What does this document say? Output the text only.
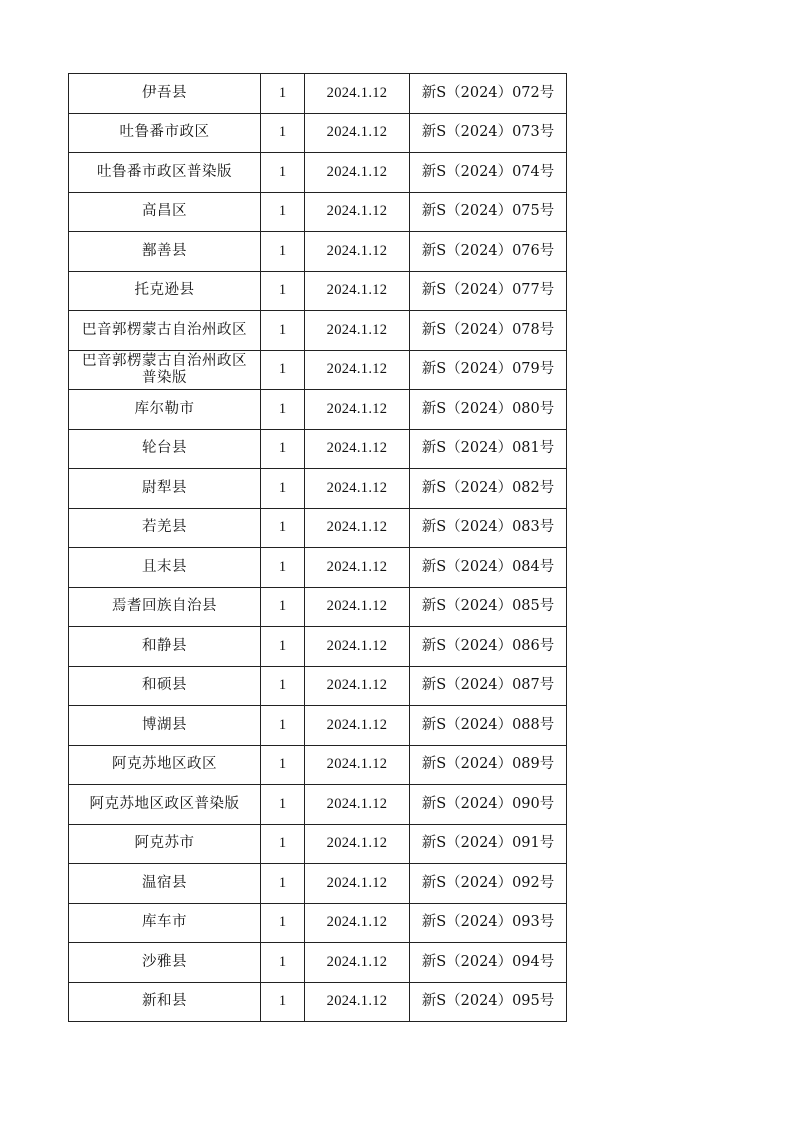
伊吾县	1	2024.1.12	新S（2024）072号
吐鲁番市政区	1	2024.1.12	新S（2024）073号
吐鲁番市政区普染版	1	2024.1.12	新S（2024）074号
高昌区	1	2024.1.12	新S（2024）075号
鄯善县	1	2024.1.12	新S（2024）076号
托克逊县	1	2024.1.12	新S（2024）077号
巴音郭楞蒙古自治州政区	1	2024.1.12	新S（2024）078号
巴音郭楞蒙古自治州政区普染版	1	2024.1.12	新S（2024）079号
库尔勒市	1	2024.1.12	新S（2024）080号
轮台县	1	2024.1.12	新S（2024）081号
尉犁县	1	2024.1.12	新S（2024）082号
若羌县	1	2024.1.12	新S（2024）083号
且末县	1	2024.1.12	新S（2024）084号
焉耆回族自治县	1	2024.1.12	新S（2024）085号
和静县	1	2024.1.12	新S（2024）086号
和硕县	1	2024.1.12	新S（2024）087号
博湖县	1	2024.1.12	新S（2024）088号
阿克苏地区政区	1	2024.1.12	新S（2024）089号
阿克苏地区政区普染版	1	2024.1.12	新S（2024）090号
阿克苏市	1	2024.1.12	新S（2024）091号
温宿县	1	2024.1.12	新S（2024）092号
库车市	1	2024.1.12	新S（2024）093号
沙雅县	1	2024.1.12	新S（2024）094号
新和县	1	2024.1.12	新S（2024）095号
